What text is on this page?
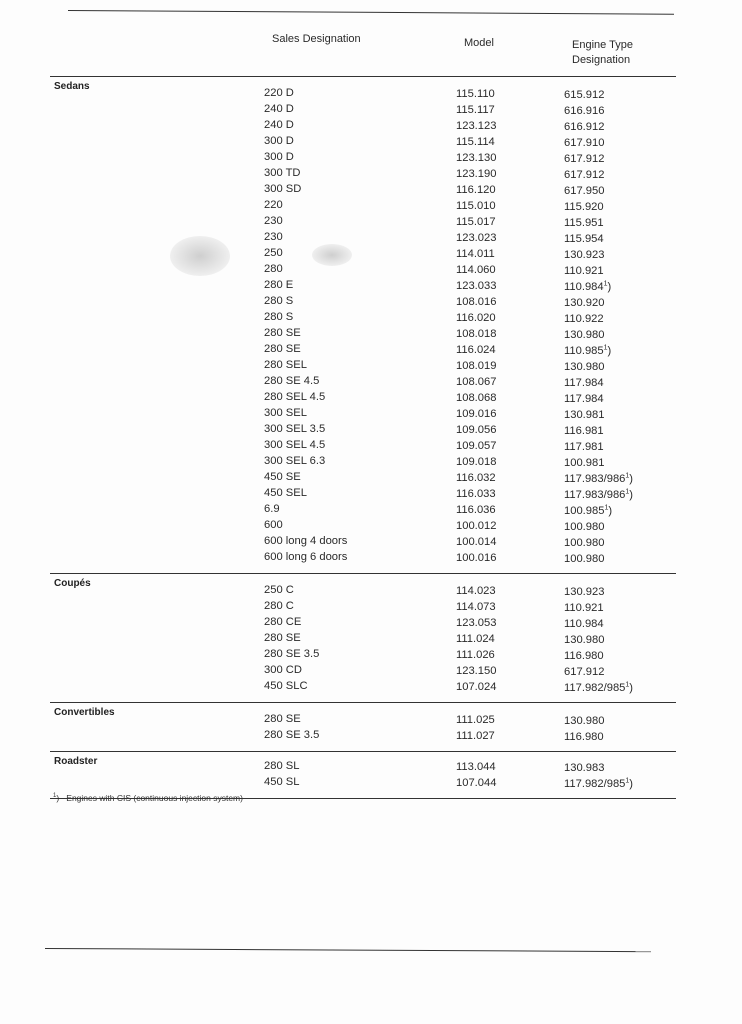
Sales Designation	Model	Engine Type Designation
Sedans
220 D	115.110	615.912
240 D	115.117	616.916
240 D	123.123	616.912
300 D	115.114	617.910
300 D	123.130	617.912
300 TD	123.190	617.912
300 SD	116.120	617.950
220	115.010	115.920
230	115.017	115.951
230	123.023	115.954
250	114.011	130.923
280	114.060	110.921
280 E	123.033	110.984$^1$)
280 S	108.016	130.920
280 S	116.020	110.922
280 SE	108.018	130.980
280 SE	116.024	110.985$^1$)
280 SEL	108.019	130.980
280 SE 4.5	108.067	117.984
280 SEL 4.5	108.068	117.984
300 SEL	109.016	130.981
300 SEL 3.5	109.056	116.981
300 SEL 4.5	109.057	117.981
300 SEL 6.3	109.018	100.981
450 SE	116.032	$117.983/986^1$)
450 SEL	116.033	$117.983/986^1$)
6.9	116.036	100.985$^1$)
600	100.012	100.980
600 long 4 doors	100.014	100.980
600 long 6 doors	100.016	100.980
Coupés
250 C	114.023	130.923
280 C	114.073	110.921
280 CE	123.053	110.984
280 SE	111.024	130.980
280 SE 3.5	111.026	116.980
300 CD	123.150	617.912
450 SLC	107.024	$117.982/985^1$)
Convertibles
280 SE	111.025	130.980
280 SE 3.5	111.027	116.980
Roadster	280 SL	113.044	130.983
450 SL	107.044	$117.982/985^1$)
$^1$) Engines with CIS (continuous injection system)
